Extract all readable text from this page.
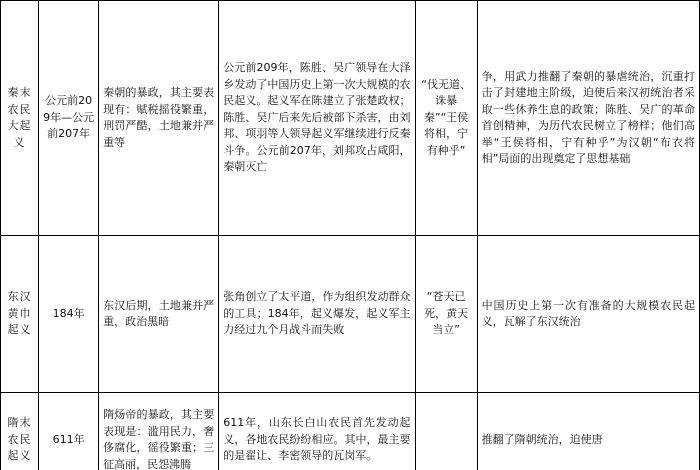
秦末农民大起义	公元前209年—公元前207年	秦朝的暴政，其主要表现有：赋税摇役繁重，刑罚严酷，土地兼并严重等	公元前209年，陈胜、吴广领导在大泽乡发动了中国历史上第一次大规模的农民起义。起义军在陈建立了张楚政权；陈胜、吴广后来先后被部下杀害，由刘邦、项羽等人领导起义军继续进行反秦斗争。公元前207年，刘邦攻占咸阳，秦朝灭亡	“伐无道、诛暴秦”“王侯将相，宁有种乎”	争，用武力推翻了秦朝的暴虐统治，沉重打击了封建地主阶级，迫使后来汉初统治者采取一些休养生息的政策；陈胜、吴广的革命首创精神，为历代农民树立了榜样；他们高举“王侯将相，宁有种乎”为汉朝“布衣将相”局面的出现奠定了思想基础

东汉黄巾起义	184年	东汉后期，土地兼并严重，政治黑暗	张角创立了太平道，作为组织发动群众的工具；184年，起义爆发，起义军主力经过九个月战斗而失败	“苍天已死，黄天当立”	中国历史上第一次有准备的大规模农民起义，瓦解了东汉统治

隋末农民起义	611年	隋炀帝的暴政，其主要表现是：滥用民力，奢侈腐化，徭役繁重；三征高丽，民怨沸腾	611年，山东长白山农民首先发动起义，各地农民纷纷相应。其中，最主要的是翟让、李密领导的瓦岗军。		推翻了隋朝统治，迫使唐
